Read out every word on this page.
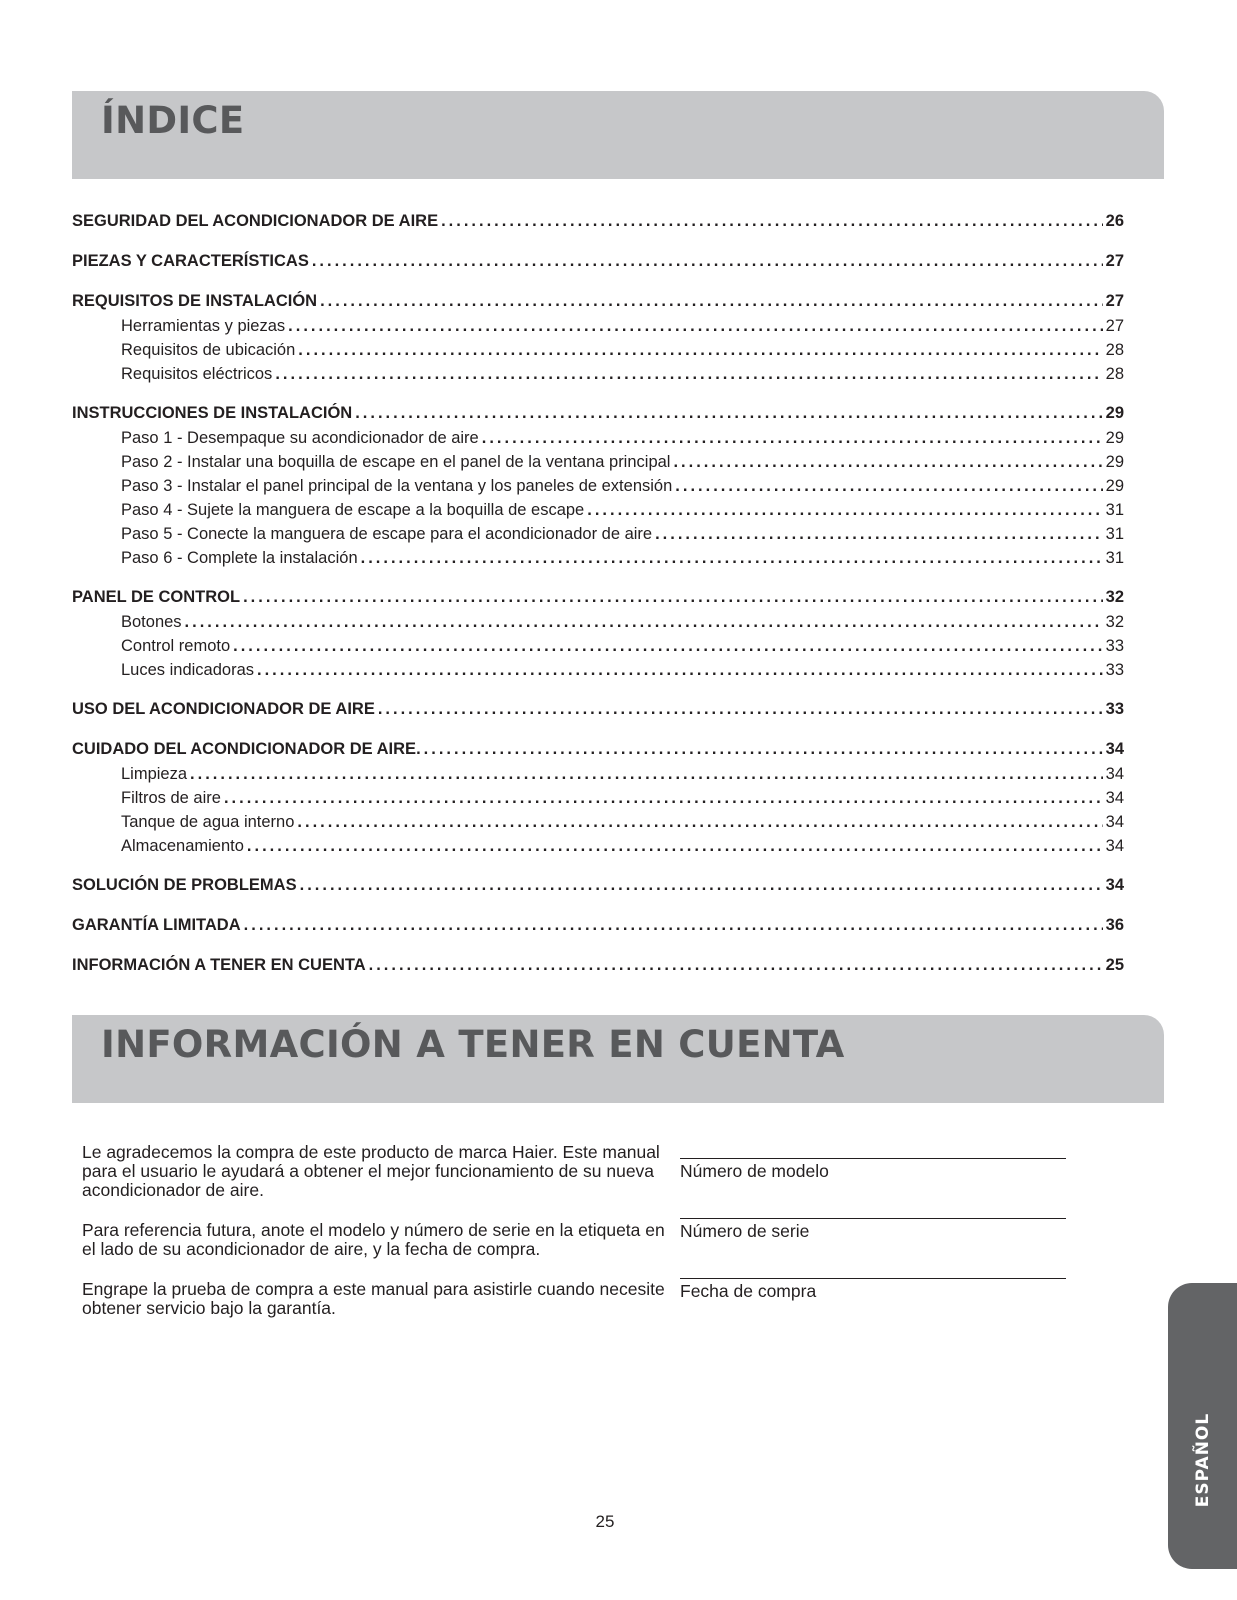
ÍNDICE
SEGURIDAD DEL ACONDICIONADOR DE AIRE .....	26
PIEZAS Y CARACTERÍSTICAS .....	27
REQUISITOS DE INSTALACIÓN .....	27
Herramientas y piezas .....	27
Requisitos de ubicación .....	28
Requisitos eléctricos .....	28
INSTRUCCIONES DE INSTALACIÓN .....	29
Paso 1 - Desempaque su acondicionador de aire .....	29
Paso 2 - Instalar una boquilla de escape en el panel de la ventana principal .....	29
Paso 3 - Instalar el panel principal de la ventana y los paneles de extensión .....	29
Paso 4 - Sujete la manguera de escape a la boquilla de escape .....	31
Paso 5 - Conecte la manguera de escape para el acondicionador de aire .....	31
Paso 6 - Complete la instalación .....	31
PANEL DE CONTROL .....	32
Botones .....	32
Control remoto .....	33
Luces indicadoras .....	33
USO DEL ACONDICIONADOR DE AIRE .....	33
CUIDADO DEL ACONDICIONADOR DE AIRE. .....	34
Limpieza .....	34
Filtros de aire .....	34
Tanque de agua interno .....	34
Almacenamiento .....	34
SOLUCIÓN DE PROBLEMAS .....	34
GARANTÍA LIMITADA .....	36
INFORMACIÓN A TENER EN CUENTA .....	25
INFORMACIÓN A TENER EN CUENTA

Le agradecemos la compra de este producto de marca Haier. Este manual para el usuario le ayudará a obtener el mejor funcionamiento de su nueva acondicionador de aire.

Para referencia futura, anote el modelo y número de serie en la etiqueta en el lado de su acondicionador de aire, y la fecha de compra.

Engrape la prueba de compra a este manual para asistirle cuando necesite obtener servicio bajo la garantía.

Número de modelo
Número de serie
Fecha de compra
ESPAÑOL
25
